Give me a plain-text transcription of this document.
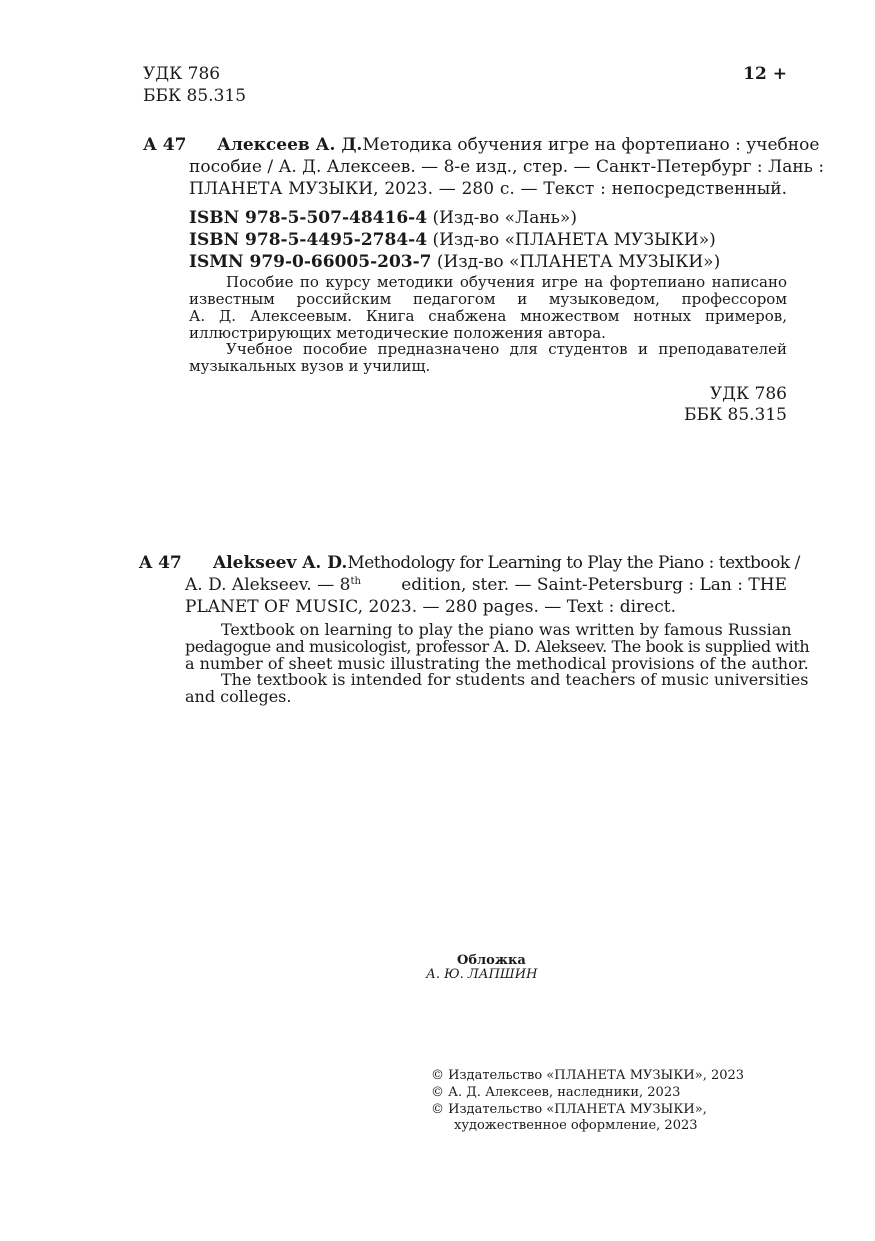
УДК 786
ББК 85.315
12 +
А 47 Алексеев А. Д. Методика обучения игре на фортепиано : учебное
пособие / А. Д. Алексеев. — 8-е изд., стер. — Санкт-Петербург : Лань :
ПЛАНЕТА МУЗЫКИ, 2023. — 280 с. — Текст : непосредственный.
ISBN 978-5-507-48416-4 (Изд-во «Лань»)
ISBN 978-5-4495-2784-4 (Изд-во «ПЛАНЕТА МУЗЫКИ»)
ISMN 979-0-66005-203-7 (Изд-во «ПЛАНЕТА МУЗЫКИ»)
Пособие по курсу методики обучения игре на фортепиано написано
известным российским педагогом и музыковедом, профессором
А. Д. Алексеевым. Книга снабжена множеством нотных примеров,
иллюстрирующих методические положения автора.
Учебное пособие предназначено для студентов и преподавателей
музыкальных вузов и училищ.
УДК 786
ББК 85.315
A 47 Alekseev A. D. Methodology for Learning to Play the Piano : textbook /
A. D. Alekseev. — 8th edition, ster. — Saint-Petersburg : Lan : THE
PLANET OF MUSIC, 2023. — 280 pages. — Text : direct.
Textbook on learning to play the piano was written by famous Russian
pedagogue and musicologist, professor A. D. Alekseev. The book is supplied with
a number of sheet music illustrating the methodical provisions of the author.
The textbook is intended for students and teachers of music universities
and colleges.
Обложка
А. Ю. ЛАПШИН
© Издательство «ПЛАНЕТА МУЗЫКИ», 2023
© А. Д. Алексеев, наследники, 2023
© Издательство «ПЛАНЕТА МУЗЫКИ»,
художественное оформление, 2023
